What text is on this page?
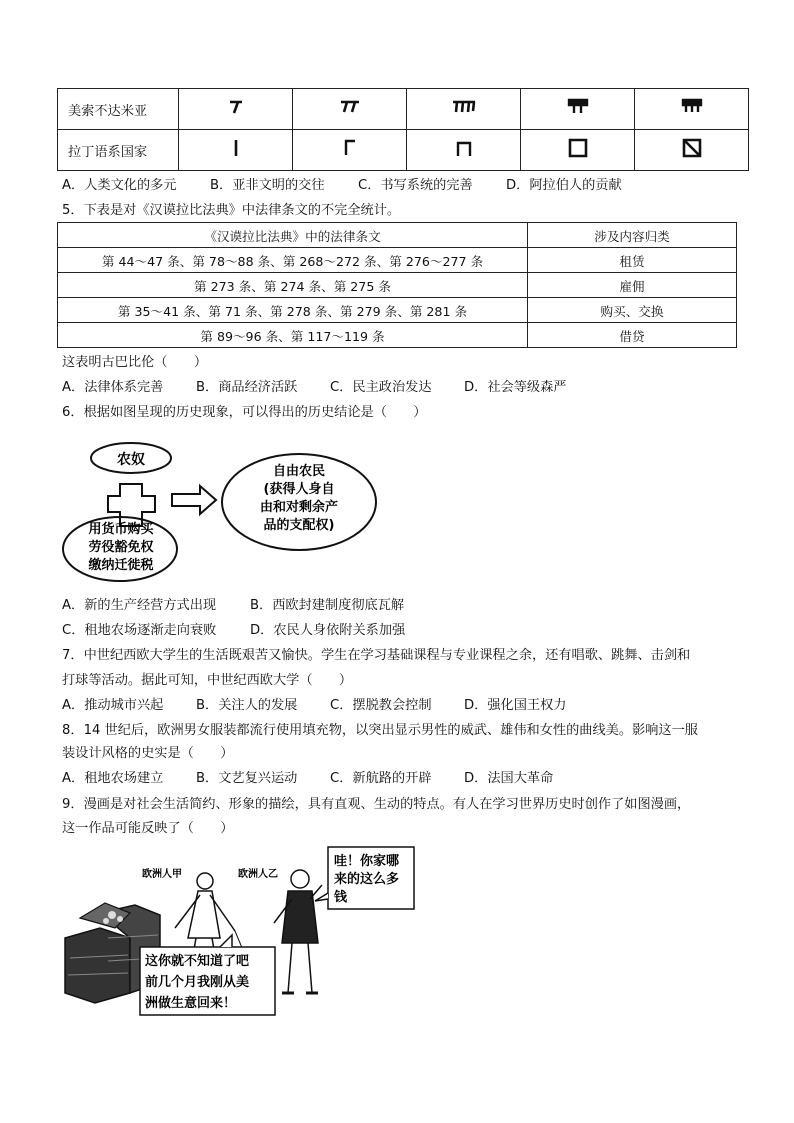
美索不达米亚					
拉丁语系国家					
A．人类文化的多元	B．亚非文明的交往	C．书写系统的完善	D．阿拉伯人的贡献
5．下表是对《汉谟拉比法典》中法律条文的不完全统计。
《汉谟拉比法典》中的法律条文	涉及内容归类
第 44～47 条、第 78～88 条、第 268～272 条、第 276～277 条	租赁
第 273 条、第 274 条、第 275 条	雇佣
第 35～41 条、第 71 条、第 278 条、第 279 条、第 281 条	购买、交换
第 89～96 条、第 117～119 条	借贷
这表明古巴比伦（　　）
A．法律体系完善 B．商品经济活跃 C．民主政治发达 D．社会等级森严
6．根据如图呈现的历史现象，可以得出的历史结论是（　　）
农奴
用货币购买
劳役豁免权
缴纳迁徙税
自由农民
(获得人身自
由和对剩余产
品的支配权)
A．新的生产经营方式出现	B．西欧封建制度彻底瓦解
C．租地农场逐渐走向衰败	D．农民人身依附关系加强
7．中世纪西欧大学生的生活既艰苦又愉快。学生在学习基础课程与专业课程之余，还有唱歌、跳舞、击剑和
打球等活动。据此可知，中世纪西欧大学（　　）
A．推动城市兴起 B．关注人的发展 C．摆脱教会控制 D．强化国王权力
8．14 世纪后，欧洲男女服装都流行使用填充物，以突出显示男性的威武、雄伟和女性的曲线美。影响这一服
装设计风格的史实是（　　）
A．租地农场建立 B．文艺复兴运动 C．新航路的开辟 D．法国大革命
9．漫画是对社会生活简约、形象的描绘，具有直观、生动的特点。有人在学习世界历史时创作了如图漫画，
这一作品可能反映了（　　）
欧洲人甲	欧洲人乙
哇！你家哪
来的这么多
钱
这你就不知道了吧
前几个月我刚从美
洲做生意回来！
